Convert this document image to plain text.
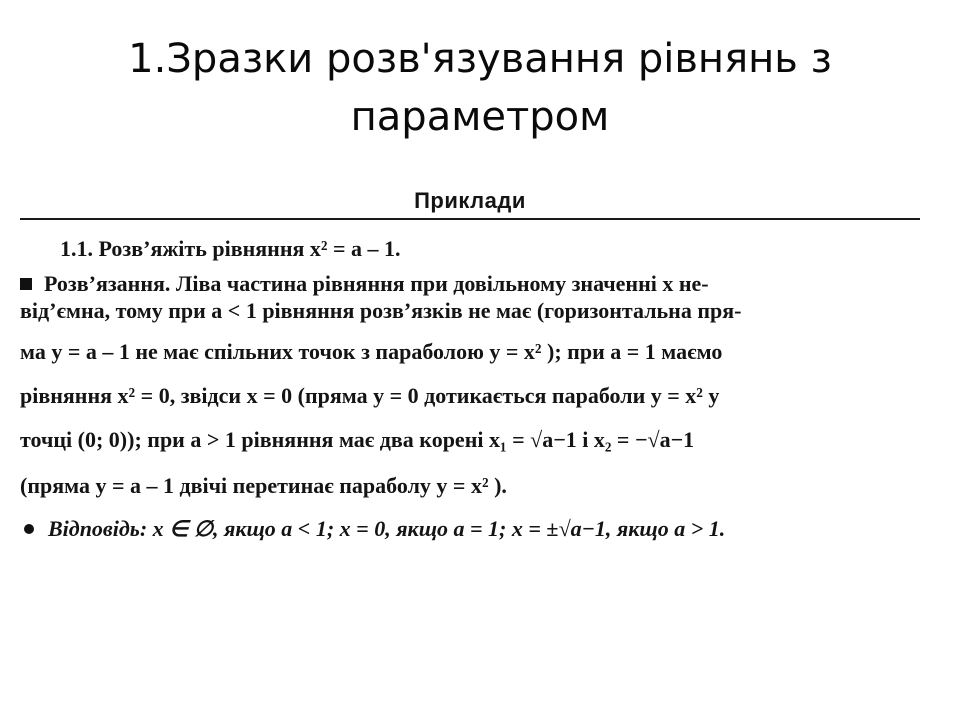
1.Зразки розв'язування рівнянь з
параметром
Приклади
1.1. Розв’яжіть рівняння x² = a – 1.
Розв’язання. Ліва частина рівняння при довільному значенні x не-
від’ємна, тому при a < 1 рівняння розв’язків не має (горизонтальна пря-
ма y = a – 1 не має спільних точок з параболою y = x² ); при a = 1 маємо
рівняння x² = 0, звідси x = 0 (пряма y = 0 дотикається параболи y = x² у
точці (0; 0)); при a > 1 рівняння має два корені x₁ = √a−1 і x₂ = −√a−1
(пряма y = a – 1 двічі перетинає параболу y = x² ).
Відповідь: x ∈ ∅, якщо a < 1; x = 0, якщо a = 1; x = ±√a−1, якщо a > 1.
